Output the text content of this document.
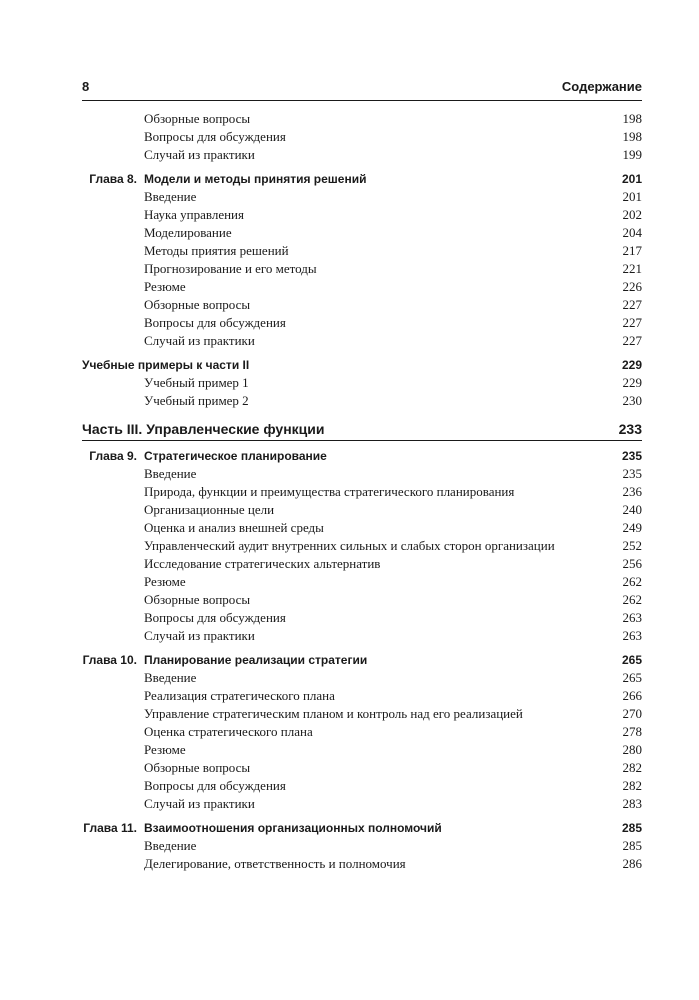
8	Содержание
Обзорные вопросы	198
Вопросы для обсуждения	198
Случай из практики	199
Глава 8. Модели и методы принятия решений	201
Введение	201
Наука управления	202
Моделирование	204
Методы приятия решений	217
Прогнозирование и его методы	221
Резюме	226
Обзорные вопросы	227
Вопросы для обсуждения	227
Случай из практики	227
Учебные примеры к части II	229
Учебный пример 1	229
Учебный пример 2	230
Часть III. Управленческие функции	233
Глава 9. Стратегическое планирование	235
Введение	235
Природа, функции и преимущества стратегического планирования	236
Организационные цели	240
Оценка и анализ внешней среды	249
Управленческий аудит внутренних сильных и слабых сторон организации	252
Исследование стратегических альтернатив	256
Резюме	262
Обзорные вопросы	262
Вопросы для обсуждения	263
Случай из практики	263
Глава 10. Планирование реализации стратегии	265
Введение	265
Реализация стратегического плана	266
Управление стратегическим планом и контроль над его реализацией	270
Оценка стратегического плана	278
Резюме	280
Обзорные вопросы	282
Вопросы для обсуждения	282
Случай из практики	283
Глава 11. Взаимоотношения организационных полномочий	285
Введение	285
Делегирование, ответственность и полномочия	286
